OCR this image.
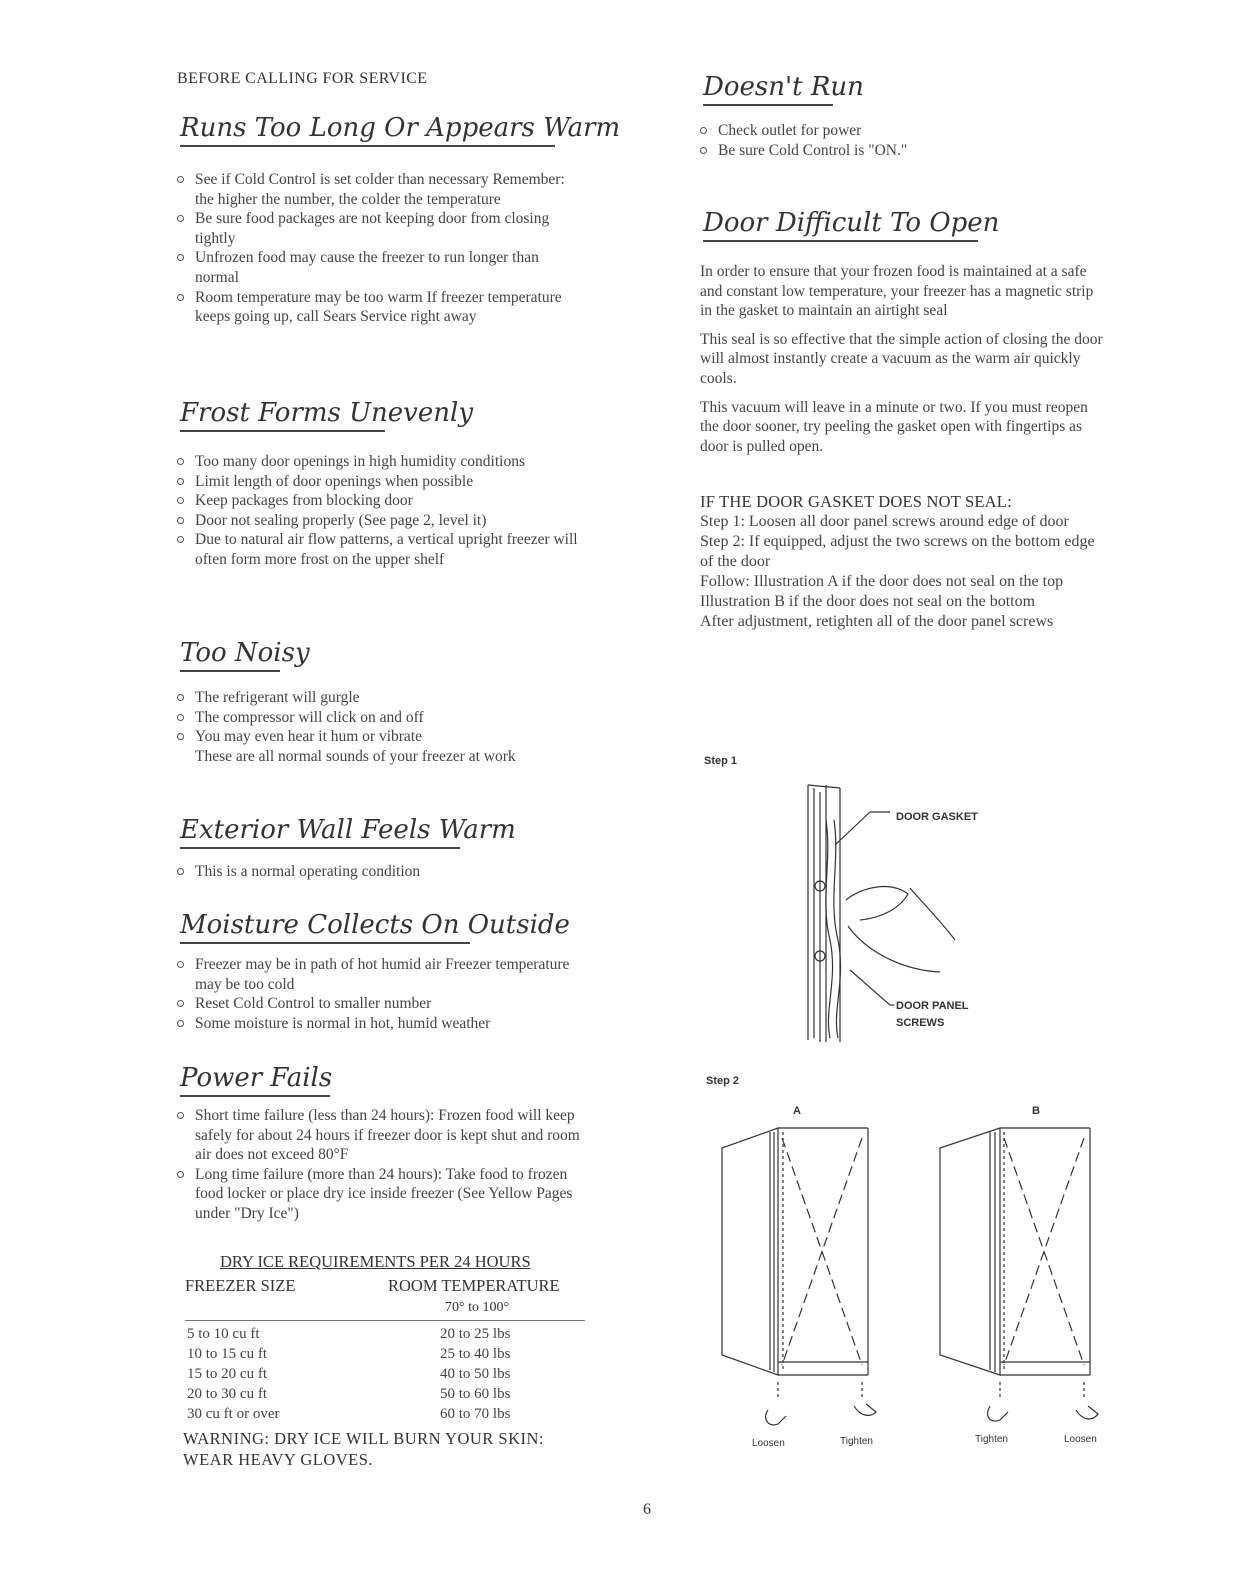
BEFORE CALLING FOR SERVICE
Runs Too Long Or Appears Warm
See if Cold Control is set colder than necessary Remember: the higher the number, the colder the temperature
Be sure food packages are not keeping door from closing tightly
Unfrozen food may cause the freezer to run longer than normal
Room temperature may be too warm If freezer temperature keeps going up, call Sears Service right away
Frost Forms Unevenly
Too many door openings in high humidity conditions
Limit length of door openings when possible
Keep packages from blocking door
Door not sealing properly (See page 2, level it)
Due to natural air flow patterns, a vertical upright freezer will often form more frost on the upper shelf
Too Noisy
The refrigerant will gurgle
The compressor will click on and off
You may even hear it hum or vibrate
These are all normal sounds of your freezer at work
Exterior Wall Feels Warm
This is a normal operating condition
Moisture Collects On Outside
Freezer may be in path of hot humid air Freezer temperature may be too cold
Reset Cold Control to smaller number
Some moisture is normal in hot, humid weather
Power Fails
Short time failure (less than 24 hours): Frozen food will keep safely for about 24 hours if freezer door is kept shut and room air does not exceed 80°F
Long time failure (more than 24 hours): Take food to frozen food locker or place dry ice inside freezer (See Yellow Pages under "Dry Ice")
DRY ICE REQUIREMENTS PER 24 HOURS
FREEZER SIZE	ROOM TEMPERATURE
70° to 100°
5 to 10 cu ft	20 to 25 lbs
10 to 15 cu ft	25 to 40 lbs
15 to 20 cu ft	40 to 50 lbs
20 to 30 cu ft	50 to 60 lbs
30 cu ft or over	60 to 70 lbs
WARNING: DRY ICE WILL BURN YOUR SKIN:
WEAR HEAVY GLOVES.
Doesn't Run
Check outlet for power
Be sure Cold Control is "ON."
Door Difficult To Open

In order to ensure that your frozen food is maintained at a safe and constant low temperature, your freezer has a magnetic strip in the gasket to maintain an airtight seal

This seal is so effective that the simple action of closing the door will almost instantly create a vacuum as the warm air quickly cools.

This vacuum will leave in a minute or two. If you must reopen the door sooner, try peeling the gasket open with fingertips as door is pulled open.

IF THE DOOR GASKET DOES NOT SEAL:
Step 1: Loosen all door panel screws around edge of door
Step 2: If equipped, adjust the two screws on the bottom edge of the door
Follow: Illustration A if the door does not seal on the top
Illustration B if the door does not seal on the bottom
After adjustment, retighten all of the door panel screws
Step 1
DOOR GASKET
DOOR PANEL
SCREWS
Step 2
A	B
Loosen	Tighten	Tighten	Loosen
6
